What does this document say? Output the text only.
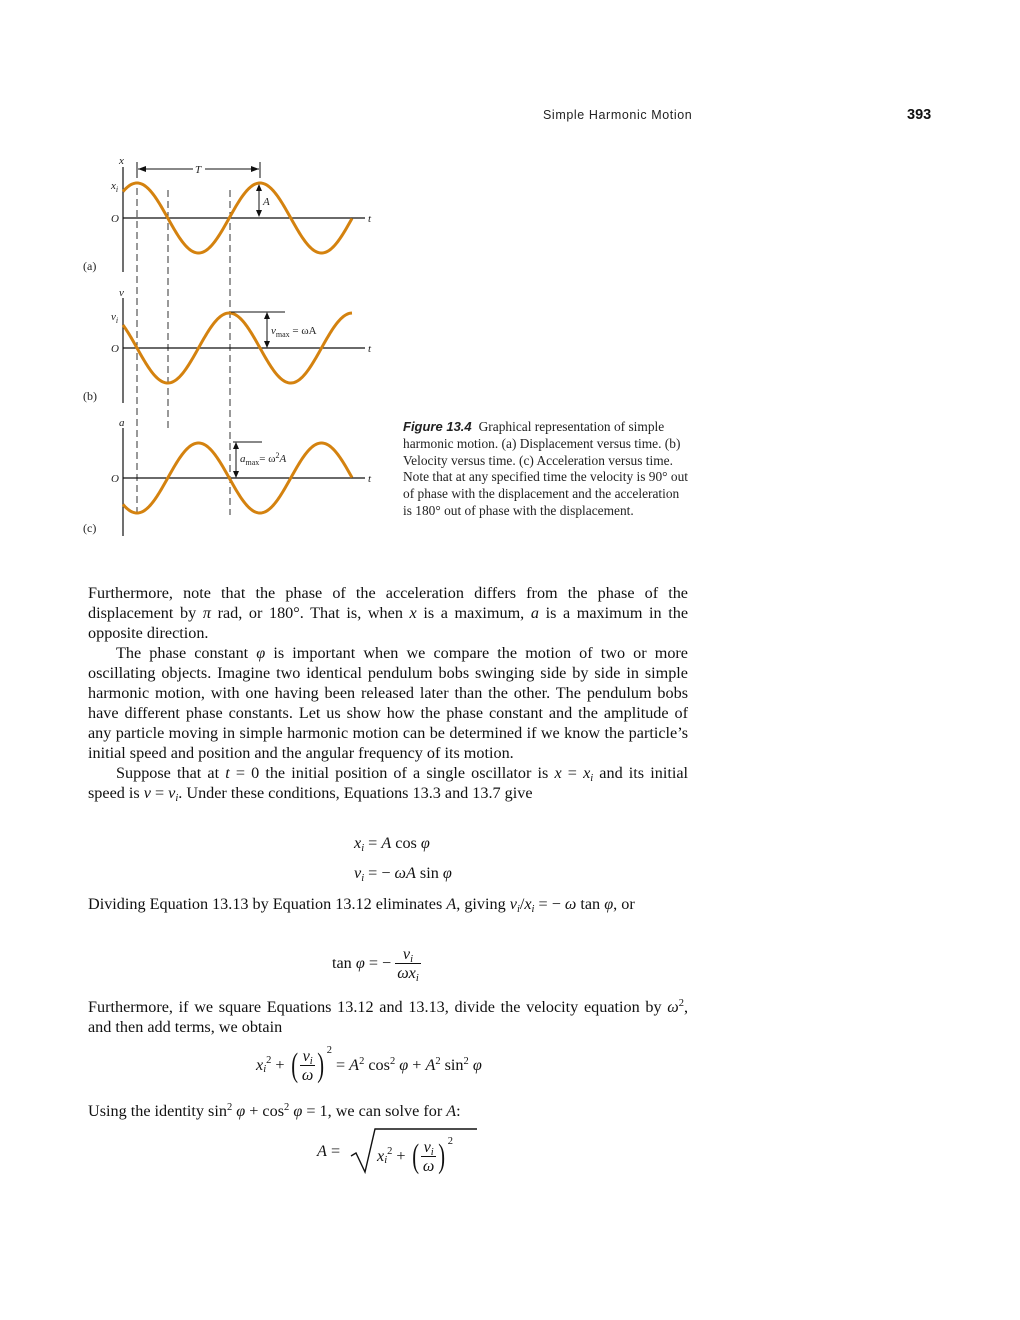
Simple Harmonic Motion	393
x
$x_i$
O	t
(a)
T
A
v
$v_i$
O	t
(b)
$v_{max} = \omega A$
a
O	t
(c)
$a_{max}= \omega^2A$
Figure 13.4 Graphical representation of simple harmonic motion. (a) Displacement versus time. (b) Velocity versus time. (c) Acceleration versus time. Note that at any specified time the velocity is 90° out of phase with the displacement and the acceleration is 180° out of phase with the displacement.

Furthermore, note that the phase of the acceleration differs from the phase of the displacement by π rad, or 180°. That is, when x is a maximum, a is a maximum in the opposite direction.

The phase constant φ is important when we compare the motion of two or more oscillating objects. Imagine two identical pendulum bobs swinging side by side in simple harmonic motion, with one having been released later than the other. The pendulum bobs have different phase constants. Let us show how the phase constant and the amplitude of any particle moving in simple harmonic motion can be determined if we know the particle’s initial speed and position and the angular frequency of its motion.

Suppose that at t = 0 the initial position of a single oscillator is $x = x_i$ and its initial speed is $v = v_i$. Under these conditions, Equations 13.3 and 13.7 give

$x_i = A$ cos φ
$v_i$ = − ωA sin φ

Dividing Equation 13.13 by Equation 13.12 eliminates A, giving $v_i/x_i$ = − ω tan φ, or

tan φ = − $\frac{v_i}{\omega x_i}$

Furthermore, if we square Equations 13.12 and 13.13, divide the velocity equation by $\omega^2$, and then add terms, we obtain

$x_i^2$ + ( $\frac{v_i}{\omega}$ ) $^2 = A^2$ $\cos^2 \varphi + A^2$ $\sin^2 \varphi$

Using the identity $\sin^2 \varphi + \cos^2 \varphi = 1$, we can solve for A:

$A = x_i^2$ + ( $\frac{v_i}{\omega}$ ) $^2$
